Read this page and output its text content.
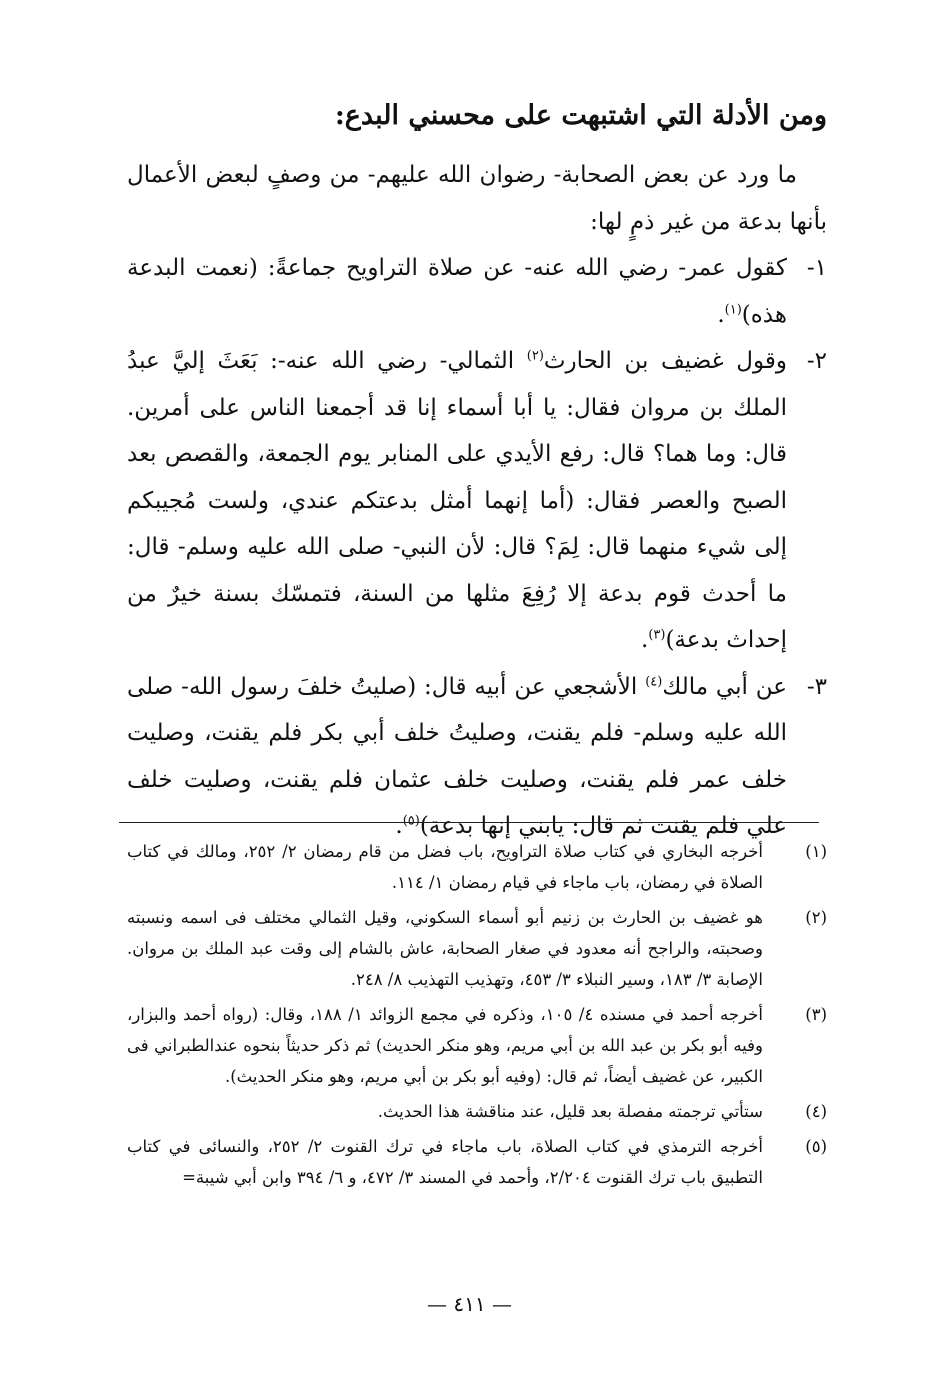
ومن الأدلة التي اشتبهت على محسني البدع:

ما ورد عن بعض الصحابة- رضوان الله عليهم- من وصفٍ لبعض الأعمال بأنها بدعة من غير ذمٍ لها:

١-
كقول عمر- رضي الله عنه- عن صلاة التراويح جماعةً: (نعمت البدعة هذه)$^{(١)}$.
٢-
وقول غضيف بن الحارث$^{(٢)}$ الثمالي- رضي الله عنه-: بَعَثَ إليَّ عبدُ الملك بن مروان فقال: يا أبا أسماء إنا قد أجمعنا الناس على أمرين. قال: وما هما؟ قال: رفع الأيدي على المنابر يوم الجمعة، والقصص بعد الصبح والعصر فقال: (أما إنهما أمثل بدعتكم عندي، ولست مُجيبكم إلى شيء منهما قال: لِمَ؟ قال: لأن النبي- صلى الله عليه وسلم- قال: ما أحدث قوم بدعة إلا رُفِعَ مثلها من السنة، فتمسّك بسنة خيرٌ من إحداث بدعة)$^{(٣)}$.
٣-
عن أبي مالك$^{(٤)}$ الأشجعي عن أبيه قال: (صليتُ خلفَ رسول الله- صلى الله عليه وسلم- فلم يقنت، وصليتُ خلف أبي بكر فلم يقنت، وصليت خلف عمر فلم يقنت، وصليت خلف عثمان فلم يقنت، وصليت خلف علي فلم يقنت ثم قال: يابني إنها بدعة)$^{(٥)}$.
(١)
أخرجه البخاري في كتاب صلاة التراويح، باب فضل من قام رمضان ٢/ ٢٥٢، ومالك في كتاب الصلاة في رمضان، باب ماجاء في قيام رمضان ١/ ١١٤.
(٢)
هو غضيف بن الحارث بن زنيم أبو أسماء السكوني، وقيل الثمالي مختلف فى اسمه ونسبته وصحبته، والراجح أنه معدود في صغار الصحابة، عاش بالشام إلى وقت عبد الملك بن مروان. الإصابة ٣/ ١٨٣، وسير النبلاء ٣/ ٤٥٣، وتهذيب التهذيب ٨/ ٢٤٨.
(٣)
أخرجه أحمد في مسنده ٤/ ١٠٥، وذكره في مجمع الزوائد ١/ ١٨٨، وقال: (رواه أحمد والبزار، وفيه أبو بكر بن عبد الله بن أبي مريم، وهو منكر الحديث) ثم ذكر حديثاً بنحوه عندالطبراني فى الكبير، عن غضيف أيضاً، ثم قال: (وفيه أبو بكر بن أبي مريم، وهو منكر الحديث).
(٤)
ستأتي ترجمته مفصلة بعد قليل، عند مناقشة هذا الحديث.
(٥)
أخرجه الترمذي في كتاب الصلاة، باب ماجاء في ترك القنوت ٢/ ٢٥٢، والنسائى في كتاب التطبيق باب ترك القنوت ٢/٢٠٤، وأحمد في المسند ٣/ ٤٧٢، و ٦/ ٣٩٤ وابن أبي شيبة=
— ٤١١ —
